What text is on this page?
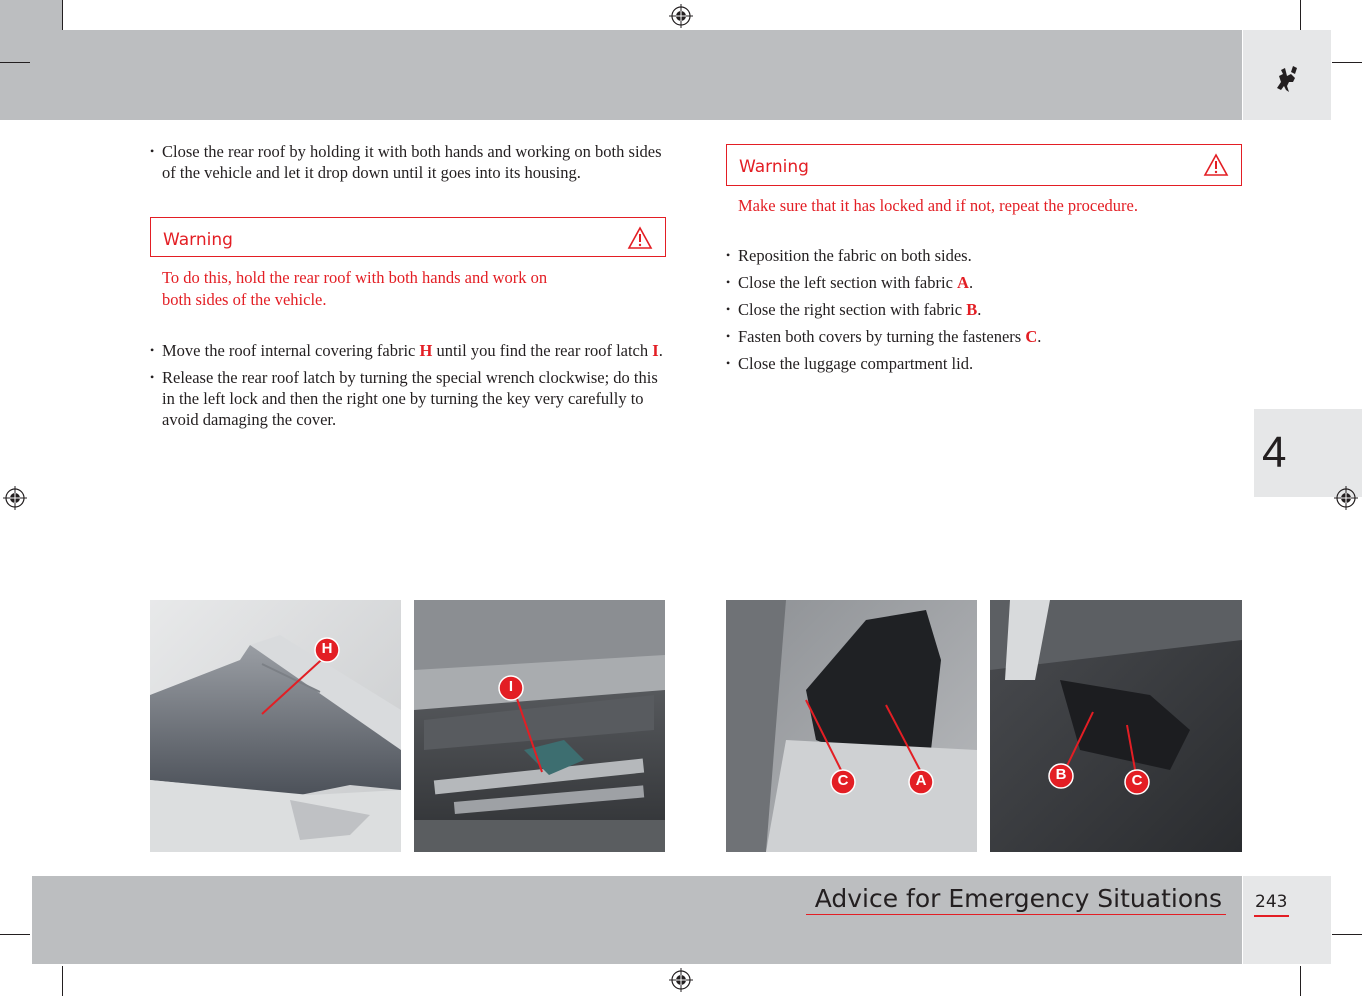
4
• Close the rear roof by holding it with both hands and working on both sides of the vehicle and let it drop down until it goes into its housing.
Warning
To do this, hold the rear roof with both hands and work on
both sides of the vehicle.
• Move the roof internal covering fabric H until you find the rear roof latch I.
• Release the rear roof latch by turning the special wrench clockwise; do this in the left lock and then the right one by turning the key very carefully to avoid damaging the cover.
Warning
Make sure that it has locked and if not, repeat the procedure.
• Reposition the fabric on both sides.
• Close the left section with fabric A.
• Close the right section with fabric B.
• Fasten both covers by turning the fasteners C.
• Close the luggage compartment lid.
H
I
C	A	B	C
Advice for Emergency Situations 243
